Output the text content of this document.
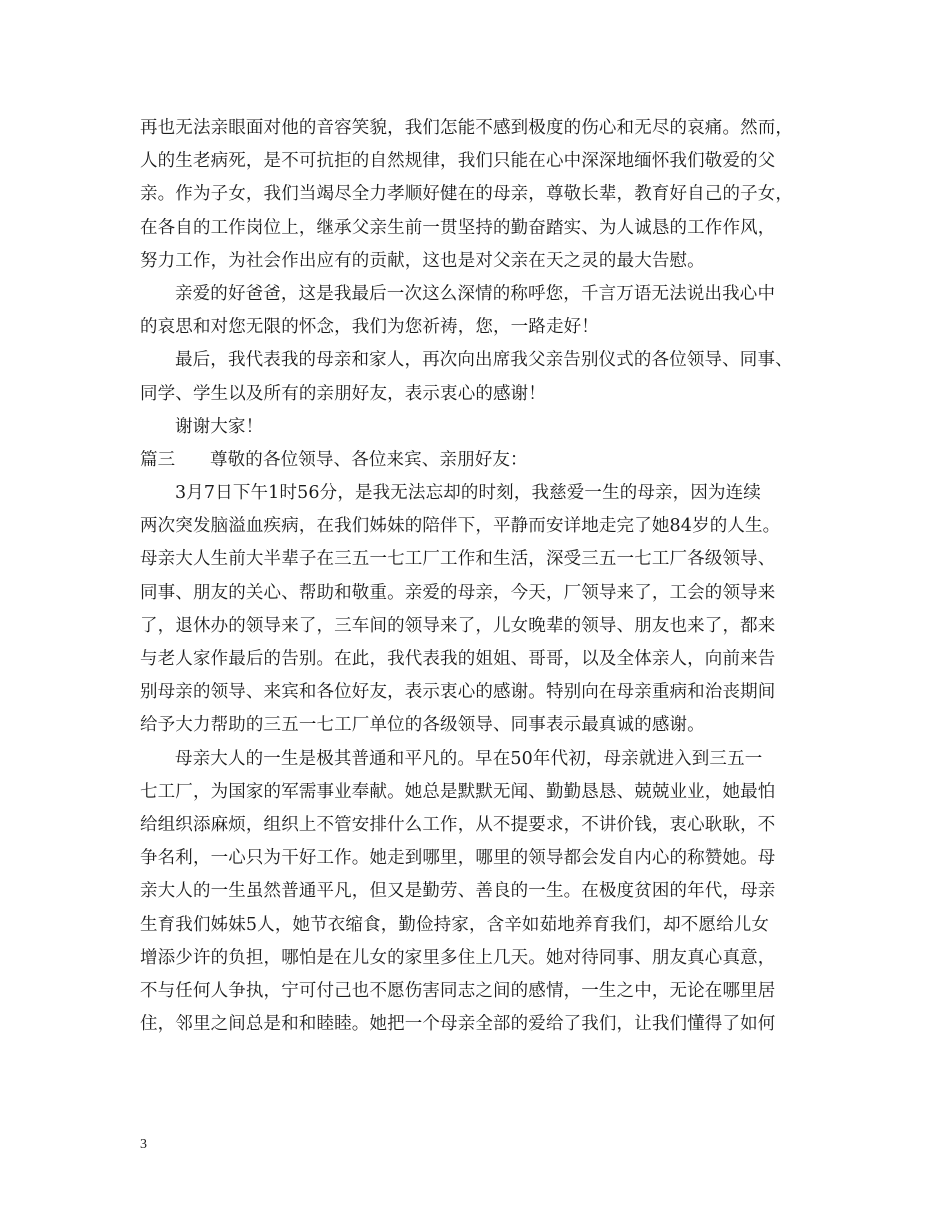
再也无法亲眼面对他的音容笑貌，我们怎能不感到极度的伤心和无尽的哀痛。然而，
人的生老病死，是不可抗拒的自然规律，我们只能在心中深深地缅怀我们敬爱的父
亲。作为子女，我们当竭尽全力孝顺好健在的母亲，尊敬长辈，教育好自己的子女，
在各自的工作岗位上，继承父亲生前一贯坚持的勤奋踏实、为人诚恳的工作作风，
努力工作，为社会作出应有的贡献，这也是对父亲在天之灵的最大告慰。
亲爱的好爸爸，这是我最后一次这么深情的称呼您，千言万语无法说出我心中
的哀思和对您无限的怀念，我们为您祈祷，您，一路走好！
最后，我代表我的母亲和家人，再次向出席我父亲告别仪式的各位领导、同事、
同学、学生以及所有的亲朋好友，表示衷心的感谢！
谢谢大家！
篇三 尊敬的各位领导、各位来宾、亲朋好友：
3月7日下午1时56分，是我无法忘却的时刻，我慈爱一生的母亲，因为连续
两次突发脑溢血疾病，在我们姊妹的陪伴下，平静而安详地走完了她84岁的人生。
母亲大人生前大半辈子在三五一七工厂工作和生活，深受三五一七工厂各级领导、
同事、朋友的关心、帮助和敬重。亲爱的母亲，今天，厂领导来了，工会的领导来
了，退休办的领导来了，三车间的领导来了，儿女晚辈的领导、朋友也来了，都来
与老人家作最后的告别。在此，我代表我的姐姐、哥哥，以及全体亲人，向前来告
别母亲的领导、来宾和各位好友，表示衷心的感谢。特别向在母亲重病和治丧期间
给予大力帮助的三五一七工厂单位的各级领导、同事表示最真诚的感谢。
母亲大人的一生是极其普通和平凡的。早在50年代初，母亲就进入到三五一
七工厂，为国家的军需事业奉献。她总是默默无闻、勤勤恳恳、兢兢业业，她最怕
给组织添麻烦，组织上不管安排什么工作，从不提要求，不讲价钱，衷心耿耿，不
争名利，一心只为干好工作。她走到哪里，哪里的领导都会发自内心的称赞她。母
亲大人的一生虽然普通平凡，但又是勤劳、善良的一生。在极度贫困的年代，母亲
生育我们姊妹5人，她节衣缩食，勤俭持家，含辛如茹地养育我们，却不愿给儿女
增添少许的负担，哪怕是在儿女的家里多住上几天。她对待同事、朋友真心真意，
不与任何人争执，宁可付己也不愿伤害同志之间的感情，一生之中，无论在哪里居
住，邻里之间总是和和睦睦。她把一个母亲全部的爱给了我们，让我们懂得了如何
3
